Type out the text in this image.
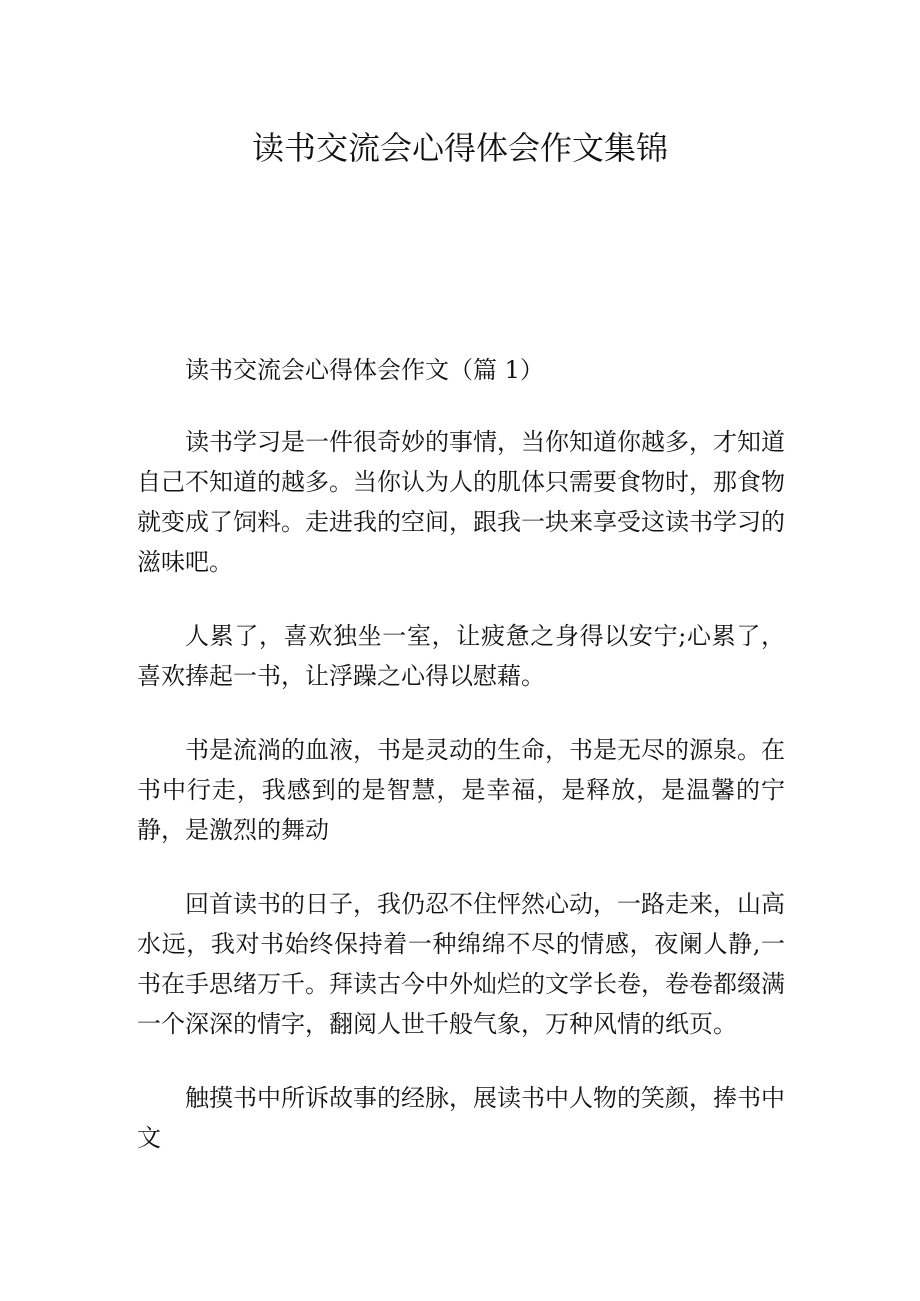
读书交流会心得体会作文集锦

读书交流会心得体会作文（篇 1）

读书学习是一件很奇妙的事情，当你知道你越多，才知道自己不知道的越多。当你认为人的肌体只需要食物时，那食物就变成了饲料。走进我的空间，跟我一块来享受这读书学习的滋味吧。

人累了，喜欢独坐一室，让疲惫之身得以安宁;心累了，喜欢捧起一书，让浮躁之心得以慰藉。

书是流淌的血液，书是灵动的生命，书是无尽的源泉。在书中行走，我感到的是智慧，是幸福，是释放，是温馨的宁静，是激烈的舞动

回首读书的日子，我仍忍不住怦然心动，一路走来，山高水远，我对书始终保持着一种绵绵不尽的情感，夜阑人静,一书在手思绪万千。拜读古今中外灿烂的文学长卷，卷卷都缀满一个深深的情字，翻阅人世千般气象，万种风情的纸页。

触摸书中所诉故事的经脉，展读书中人物的笑颜，捧书中文
